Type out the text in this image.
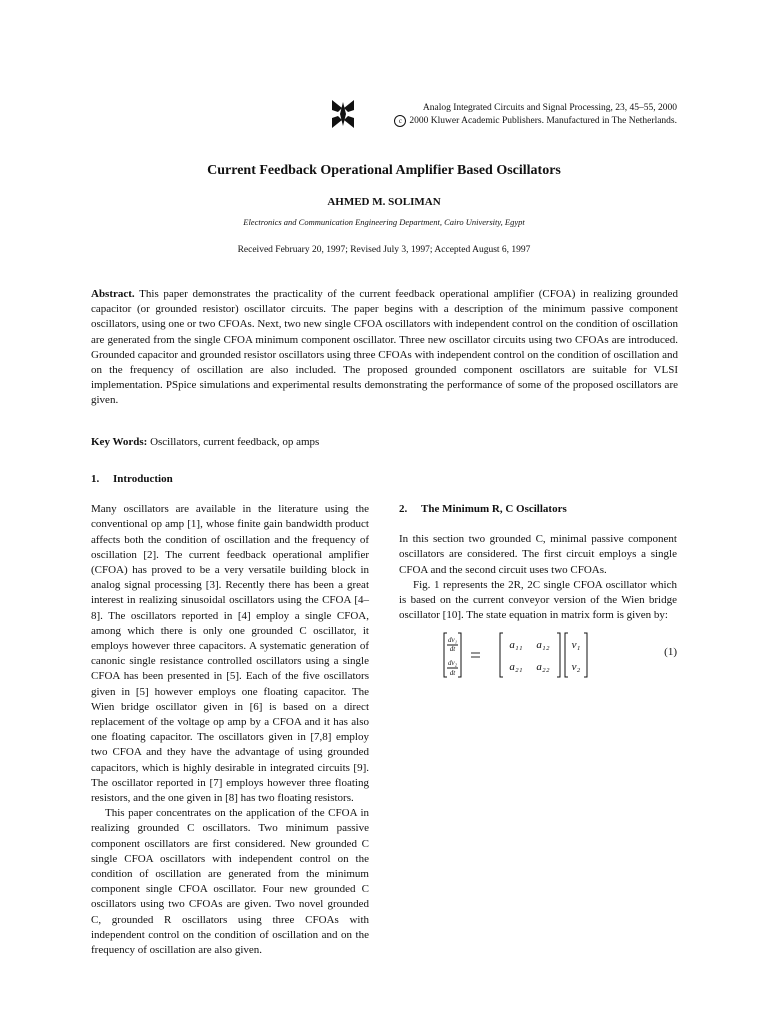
Analog Integrated Circuits and Signal Processing, 23, 45–55, 2000
c 2000 Kluwer Academic Publishers. Manufactured in The Netherlands.
Current Feedback Operational Amplifier Based Oscillators
AHMED M. SOLIMAN
Electronics and Communication Engineering Department, Cairo University, Egypt
Received February 20, 1997; Revised July 3, 1997; Accepted August 6, 1997
Abstract. This paper demonstrates the practicality of the current feedback operational amplifier (CFOA) in realizing grounded capacitor (or grounded resistor) oscillator circuits. The paper begins with a description of the minimum passive component oscillators, using one or two CFOAs. Next, two new single CFOA oscillators with independent control on the condition of oscillation are generated from the single CFOA minimum component oscillator. Three new oscillator circuits using two CFOAs are introduced. Grounded capacitor and grounded resistor oscillators using three CFOAs with independent control on the condition of oscillation and on the frequency of oscillation are also included. The proposed grounded component oscillators are suitable for VLSI implementation. PSpice simulations and experimental results demonstrating the performance of some of the proposed oscillators are given.
Key Words: Oscillators, current feedback, op amps
1. Introduction

Many oscillators are available in the literature using the conventional op amp [1], whose finite gain bandwidth product affects both the condition of oscillation and the frequency of oscillation [2]. The current feedback operational amplifier (CFOA) has proved to be a very versatile building block in analog signal processing [3]. Recently there has been a great interest in realizing sinusoidal oscillators using the CFOA [4–8]. The oscillators reported in [4] employ a single CFOA, among which there is only one grounded C oscillator, it employs however three capacitors. A systematic generation of canonic single resistance controlled oscillators using a single CFOA has been presented in [5]. Each of the five oscillators given in [5] however employs one floating capacitor. The Wien bridge oscillator given in [6] is based on a direct replacement of the voltage op amp by a CFOA and it has also one floating capacitor. The oscillators given in [7,8] employ two CFOA and they have the advantage of using grounded capacitors, which is highly desirable in integrated circuits [9]. The oscillator reported in [7] employs however three floating resistors, and the one given in [8] has two floating resistors.

This paper concentrates on the application of the CFOA in realizing grounded C oscillators. Two minimum passive component oscillators are first considered. New grounded C single CFOA oscillators with independent control on the condition of oscillation are generated from the minimum component single CFOA oscillator. Four new grounded C oscillators using two CFOAs are given. Two novel grounded C, grounded R oscillators using three CFOAs with independent control on the condition of oscillation and on the frequency of oscillation are also given.

2. The Minimum R, C Oscillators

In this section two grounded C, minimal passive component oscillators are considered. The first circuit employs a single CFOA and the second circuit uses two CFOAs.

Fig. 1 represents the 2R, 2C single CFOA oscillator which is based on the current conveyor version of the Wien bridge oscillator [10]. The state equation in matrix form is given by:

dv₁
dt
dv₂
dt
a₁₁ a₁₂
a₂₁ a₂₂
v₁
v₂
(1)
